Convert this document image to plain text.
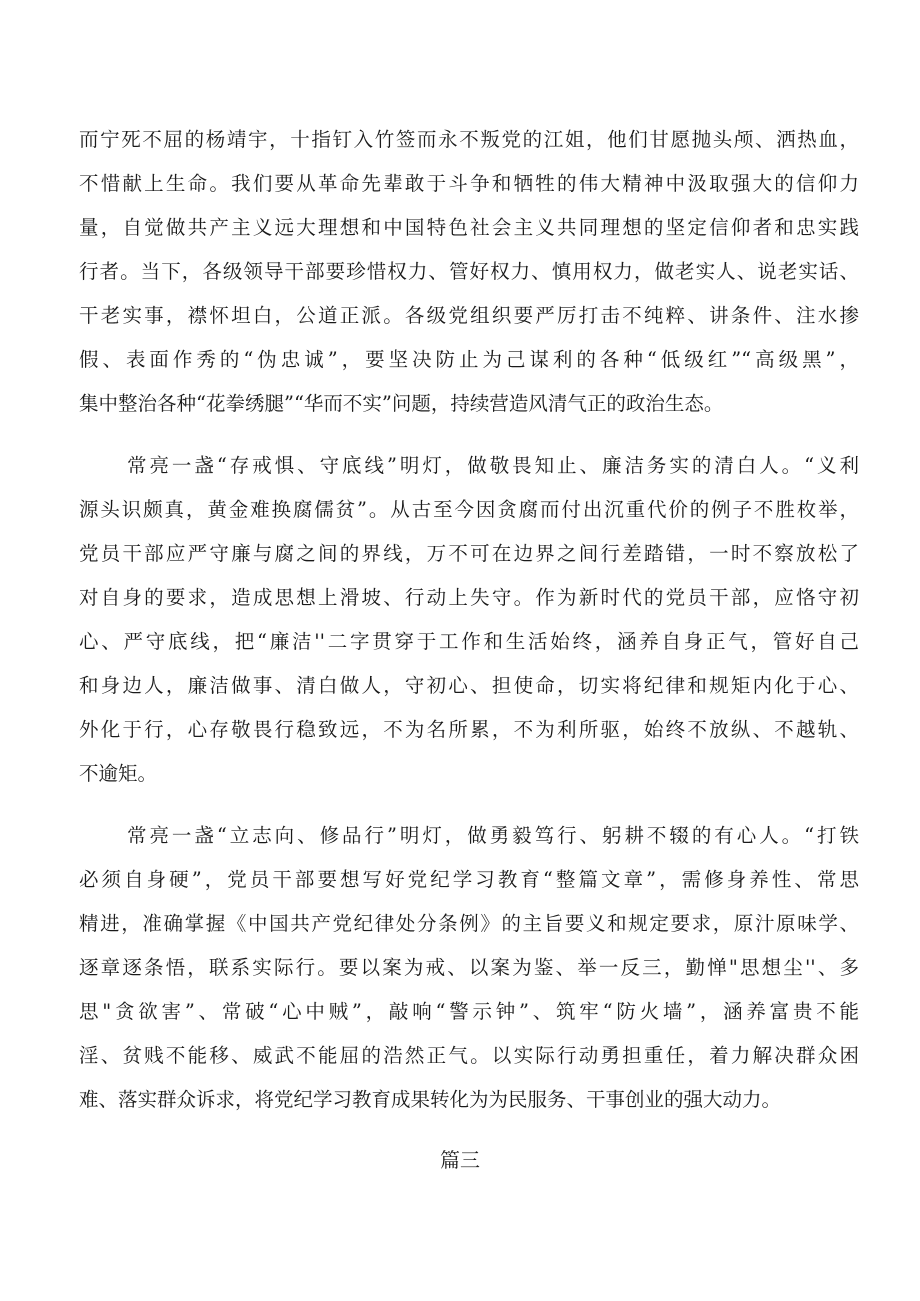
而宁死不屈的杨靖宇，十指钉入竹签而永不叛党的江姐，他们甘愿抛头颅、洒热血，
不惜献上生命。我们要从革命先辈敢于斗争和牺牲的伟大精神中汲取强大的信仰力
量，自觉做共产主义远大理想和中国特色社会主义共同理想的坚定信仰者和忠实践
行者。当下，各级领导干部要珍惜权力、管好权力、慎用权力，做老实人、说老实话、
干老实事，襟怀坦白，公道正派。各级党组织要严厉打击不纯粹、讲条件、注水掺
假、表面作秀的“伪忠诚”，要坚决防止为己谋利的各种“低级红”“高级黑”，
集中整治各种“花拳绣腿”“华而不实”问题，持续营造风清气正的政治生态。
常亮一盏“存戒惧、守底线”明灯，做敬畏知止、廉洁务实的清白人。“义利
源头识颇真，黄金难换腐儒贫”。从古至今因贪腐而付出沉重代价的例子不胜枚举，
党员干部应严守廉与腐之间的界线，万不可在边界之间行差踏错，一时不察放松了
对自身的要求，造成思想上滑坡、行动上失守。作为新时代的党员干部，应恪守初
心、严守底线，把“廉洁''二字贯穿于工作和生活始终，涵养自身正气，管好自己
和身边人，廉洁做事、清白做人，守初心、担使命，切实将纪律和规矩内化于心、
外化于行，心存敬畏行稳致远，不为名所累，不为利所驱，始终不放纵、不越轨、
不逾矩。
常亮一盏“立志向、修品行”明灯，做勇毅笃行、躬耕不辍的有心人。“打铁
必须自身硬”，党员干部要想写好党纪学习教育“整篇文章”，需修身养性、常思
精进，准确掌握《中国共产党纪律处分条例》的主旨要义和规定要求，原汁原味学、
逐章逐条悟，联系实际行。要以案为戒、以案为鉴、举一反三，勤惮"思想尘''、多
思"贪欲害”、常破“心中贼”，敲响“警示钟”、筑牢“防火墙”，涵养富贵不能
淫、贫贱不能移、威武不能屈的浩然正气。以实际行动勇担重任，着力解决群众困
难、落实群众诉求，将党纪学习教育成果转化为为民服务、干事创业的强大动力。
篇三
